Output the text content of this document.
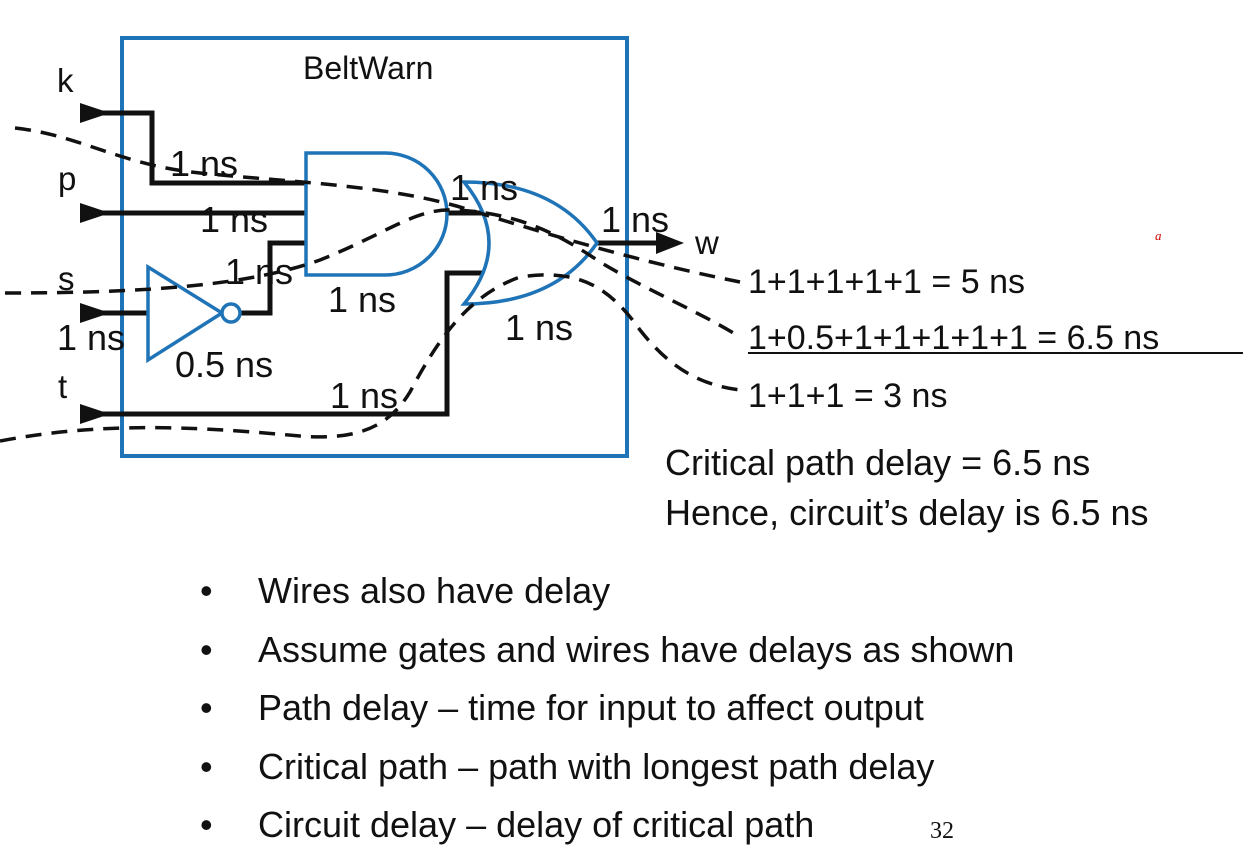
BeltWarn
k
p
s
t
w
1 ns
1 ns
1 ns
1 ns
0.5 ns
1 ns
1 ns
1 ns
1 ns
1 ns
1+1+1+1+1 = 5 ns
1+0.5+1+1+1+1+1 = 6.5 ns
1+1+1 = 3 ns
Critical path delay = 6.5 ns
Hence, circuit’s delay is 6.5 ns
• Wires also have delay
• Assume gates and wires have delays as shown
• Path delay – time for input to affect output
• Critical path – path with longest path delay
• Circuit delay – delay of critical path	32
a
